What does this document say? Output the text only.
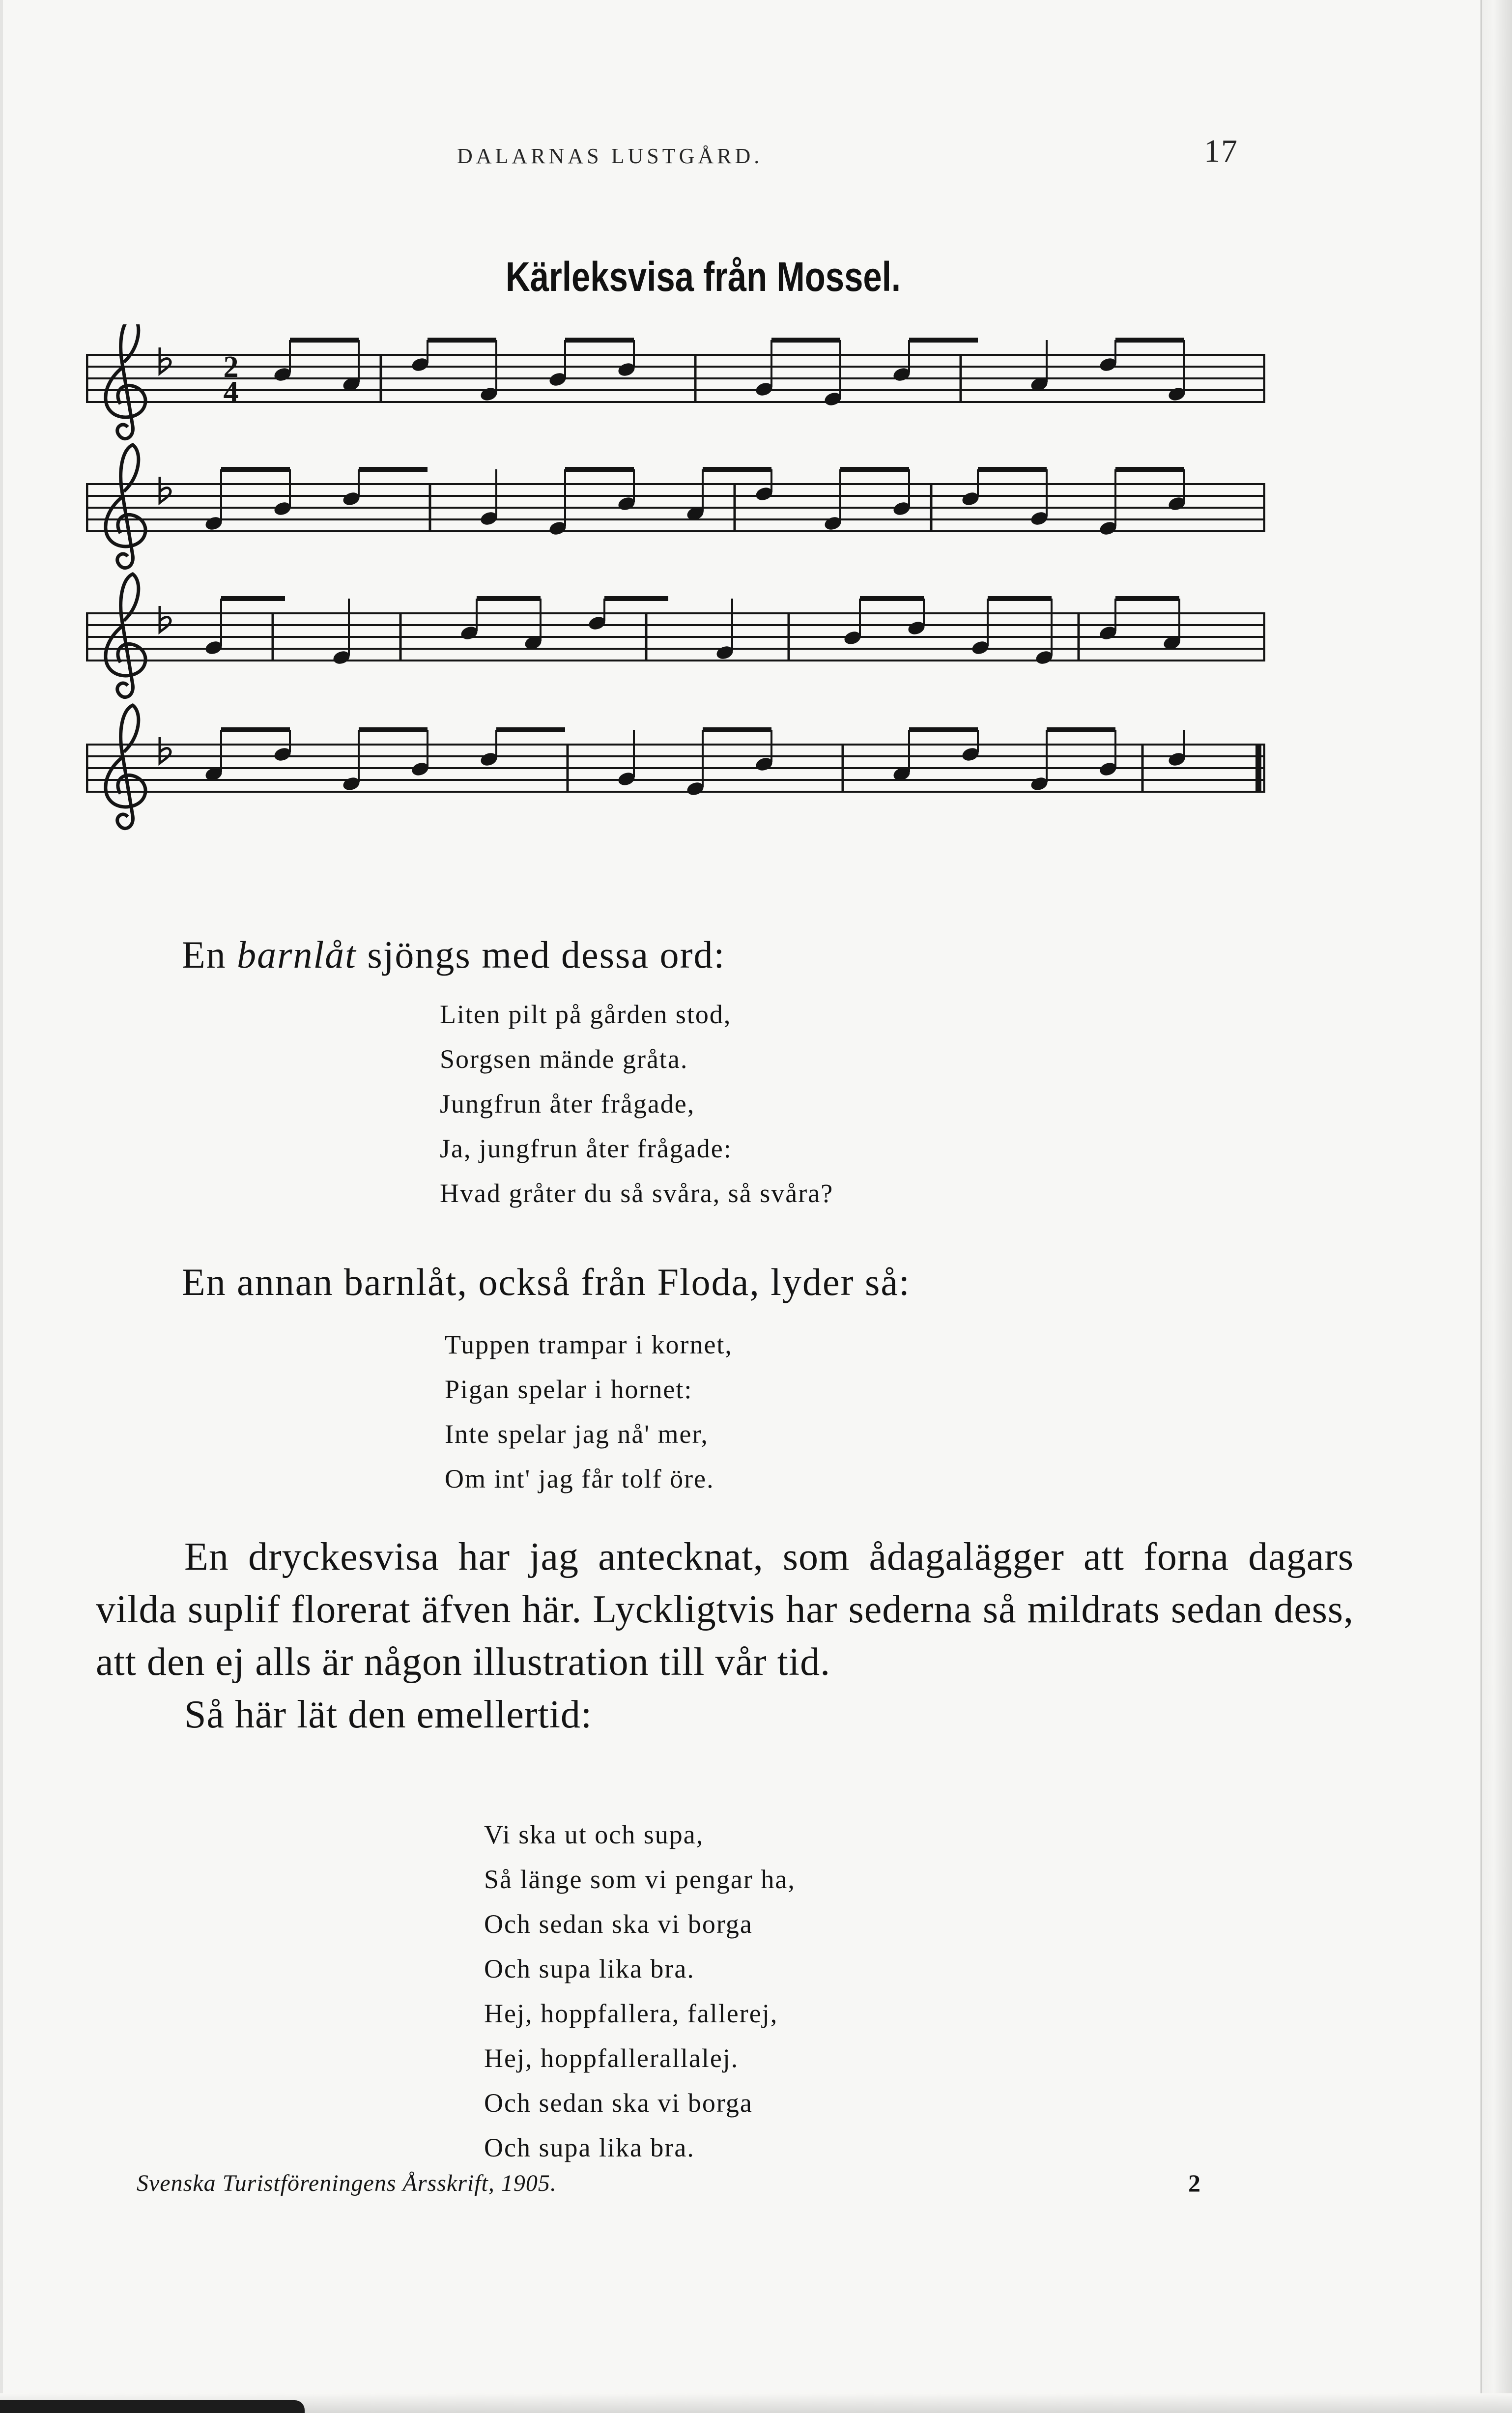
DALARNAS LUSTGÅRD.	17
Kärleksvisa från Mossel.
2
4
En barnlåt sjöngs med dessa ord:
Liten pilt på gården stod,
Sorgsen mände gråta.
Jungfrun åter frågade,
Ja, jungfrun åter frågade:
Hvad gråter du så svåra, så svåra?
En annan barnlåt, också från Floda, lyder så:
Tuppen trampar i kornet,
Pigan spelar i hornet:
Inte spelar jag nå' mer,
Om int' jag får tolf öre.

En dryckesvisa har jag antecknat, som ådagalägger att forna dagars vilda suplif florerat äfven här. Lyckligtvis har sederna så mildrats sedan dess, att den ej alls är någon illustration till vår tid.

Så här lät den emellertid:

Vi ska ut och supa,
Så länge som vi pengar ha,
Och sedan ska vi borga
Och supa lika bra.
Hej, hoppfallera, fallerej,
Hej, hoppfallerallalej.
Och sedan ska vi borga
Och supa lika bra.
Svenska Turistföreningens Årsskrift, 1905.	2
